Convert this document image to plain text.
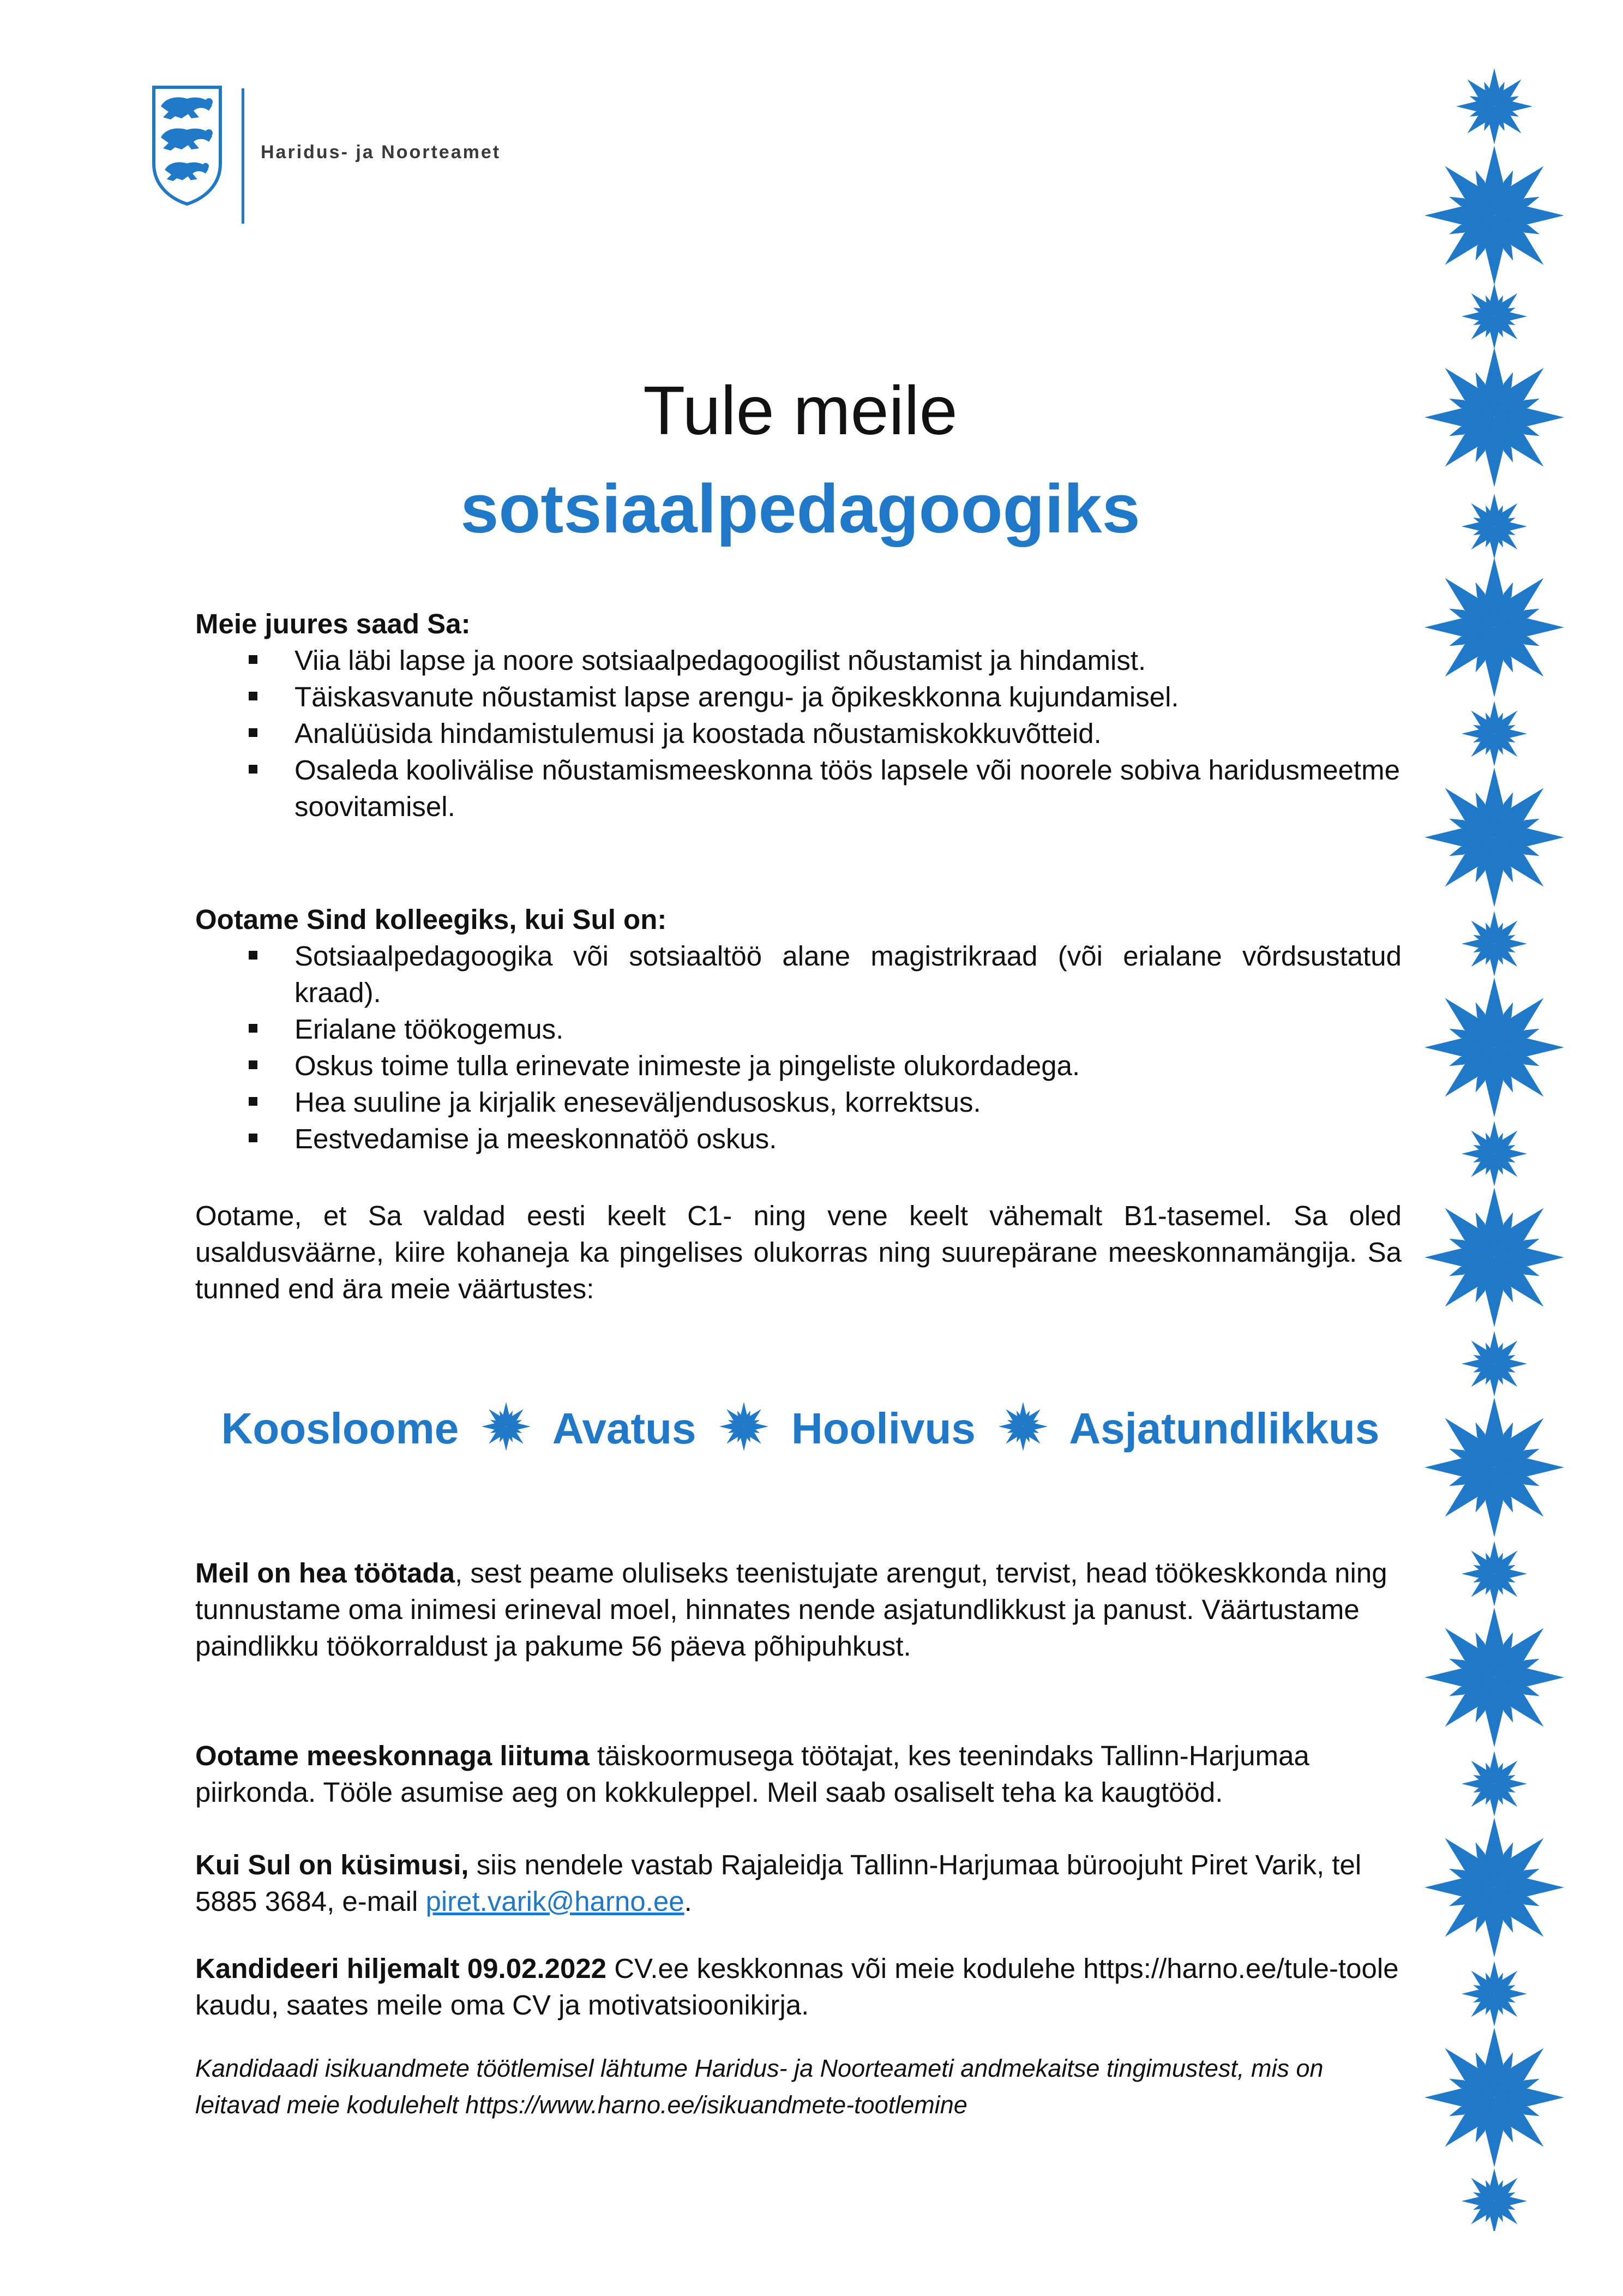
Haridus- ja Noorteamet
Tule meile
sotsiaalpedagoogiks

Meie juures saad Sa:

Viia läbi lapse ja noore sotsiaalpedagoogilist nõustamist ja hindamist.
Täiskasvanute nõustamist lapse arengu- ja õpikeskkonna kujundamisel.
Analüüsida hindamistulemusi ja koostada nõustamiskokkuvõtteid.
Osaleda koolivälise nõustamismeeskonna töös lapsele või noorele sobiva haridusmeetme soovitamisel.

Ootame Sind kolleegiks, kui Sul on:

Sotsiaalpedagoogika või sotsiaaltöö alane magistrikraad (või erialane võrdsustatud kraad).
Erialane töökogemus.
Oskus toime tulla erinevate inimeste ja pingeliste olukordadega.
Hea suuline ja kirjalik eneseväljendusoskus, korrektsus.
Eestvedamise ja meeskonnatöö oskus.
Ootame, et Sa valdad eesti keelt C1- ning vene keelt vähemalt B1-tasemel. Sa oled usaldusväärne, kiire kohaneja ka pingelises olukorras ning suurepärane meeskonnamängija. Sa tunned end ära meie väärtustes:
Koosloome Avatus Hoolivus Asjatundlikkus
Meil on hea töötada, sest peame oluliseks teenistujate arengut, tervist, head töökeskkonda ning tunnustame oma inimesi erineval moel, hinnates nende asjatundlikkust ja panust. Väärtustame paindlikku töökorraldust ja pakume 56 päeva põhipuhkust.
Ootame meeskonnaga liituma täiskoormusega töötajat, kes teenindaks Tallinn-Harjumaa piirkonda. Tööle asumise aeg on kokkuleppel. Meil saab osaliselt teha ka kaugtööd.
Kui Sul on küsimusi, siis nendele vastab Rajaleidja Tallinn-Harjumaa büroojuht Piret Varik, tel 5885 3684, e-mail piret.varik@harno.ee.
Kandideeri hiljemalt 09.02.2022 CV.ee keskkonnas või meie kodulehe https://harno.ee/tule-toole kaudu, saates meile oma CV ja motivatsioonikirja.
Kandidaadi isikuandmete töötlemisel lähtume Haridus- ja Noorteameti andmekaitse tingimustest, mis on leitavad meie kodulehelt https://www.harno.ee/isikuandmete-tootlemine
